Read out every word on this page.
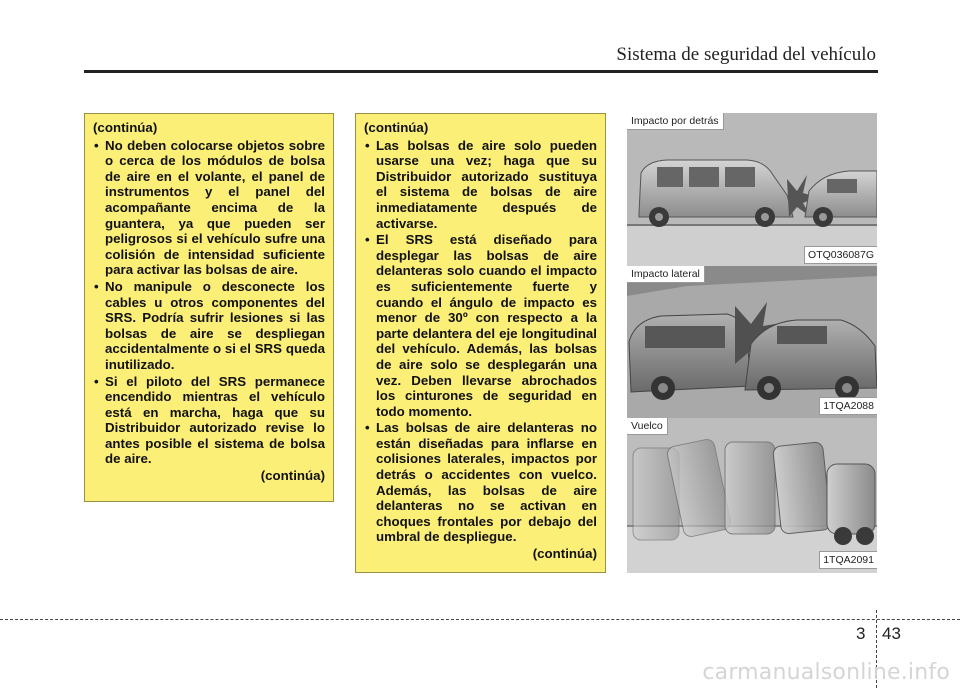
Sistema de seguridad del vehículo
(continúa)
• No deben colocarse objetos sobre o cerca de los módulos de bolsa de aire en el volante, el panel de instrumentos y el panel del acompañante encima de la guantera, ya que pueden ser peligrosos si el vehículo sufre una colisión de intensidad suficiente para activar las bolsas de aire.
• No manipule o desconecte los cables u otros componentes del SRS. Podría sufrir lesiones si las bolsas de aire se despliegan accidentalmente o si el SRS queda inutilizado.
• Si el piloto del SRS permanece encendido mientras el vehículo está en marcha, haga que su Distribuidor autorizado revise lo antes posible el sistema de bolsa de aire.
(continúa)
(continúa)
• Las bolsas de aire solo pueden usarse una vez; haga que su Distribuidor autorizado sustituya el sistema de bolsas de aire inmediatamente después de activarse.
• El SRS está diseñado para desplegar las bolsas de aire delanteras solo cuando el impacto es suficientemente fuerte y cuando el ángulo de impacto es menor de 30º con respecto a la parte delantera del eje longitudinal del vehículo. Además, las bolsas de aire solo se desplegarán una vez. Deben llevarse abrochados los cinturones de seguridad en todo momento.
• Las bolsas de aire delanteras no están diseñadas para inflarse en colisiones laterales, impactos por detrás o accidentes con vuelco. Además, las bolsas de aire delanteras no se activan en choques frontales por debajo del umbral de despliegue.
(continúa)
Impacto por detrás
OTQ036087G
Impacto lateral
1TQA2088
Vuelco
1TQA2091
3 43
carmanualsonline.info
